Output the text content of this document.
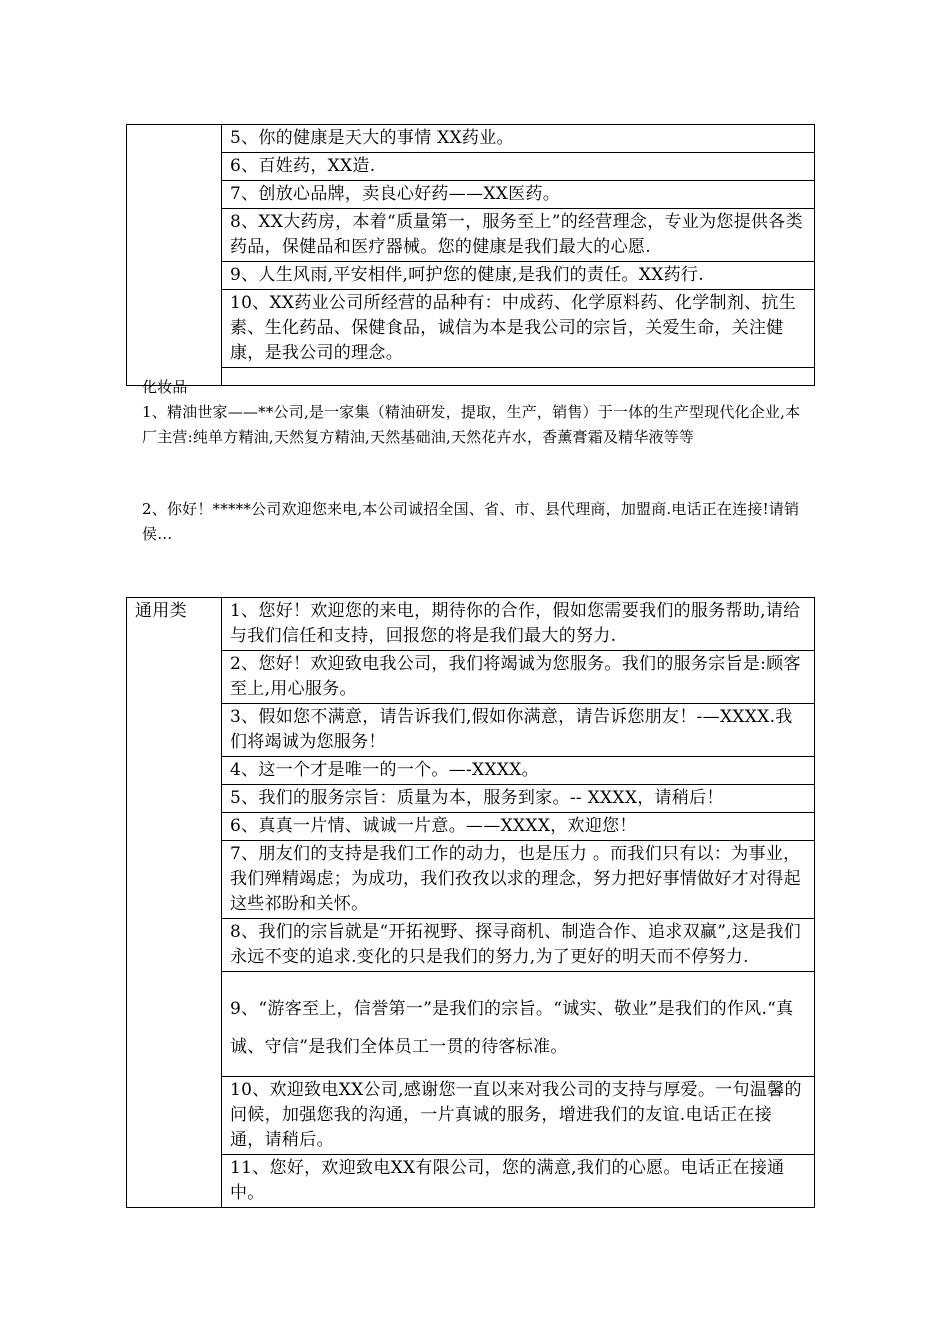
	5、你的健康是天大的事情 XX药业。
6、百姓药，XX造.
7、创放心品牌，卖良心好药——XX医药。
8、XX大药房，本着“质量第一，服务至上”的经营理念，专业为您提供各类药品，保健品和医疗器械。您的健康是我们最大的心愿.
9、人生风雨,平安相伴,呵护您的健康,是我们的责任。XX药行.
10、XX药业公司所经营的品种有：中成药、化学原料药、化学制剂、抗生素、生化药品、保健食品，诚信为本是我公司的宗旨，关爱生命，关注健康，是我公司的理念。

化妆品
1、精油世家——**公司,是一家集（精油研发，提取，生产，销售）于一体的生产型现代化企业,本厂主营:纯单方精油,天然复方精油,天然基础油,天然花卉水，香薰膏霜及精华液等等
2、你好！*****公司欢迎您来电,本公司诚招全国、省、市、县代理商，加盟商.电话正在连接!请销侯…
通用类	1、您好！欢迎您的来电，期待你的合作，假如您需要我们的服务帮助,请给与我们信任和支持，回报您的将是我们最大的努力.
2、您好！欢迎致电我公司，我们将竭诚为您服务。我们的服务宗旨是:顾客至上,用心服务。
3、假如您不满意，请告诉我们,假如你满意，请告诉您朋友！-—XXXX.我们将竭诚为您服务！
4、这一个才是唯一的一个。—-XXXX。
5、我们的服务宗旨：质量为本，服务到家。-- XXXX，请稍后！
6、真真一片情、诚诚一片意。——XXXX，欢迎您！
7、朋友们的支持是我们工作的动力，也是压力 。而我们只有以：为事业，我们殚精竭虑；为成功，我们孜孜以求的理念，努力把好事情做好才对得起这些祁盼和关怀。
8、我们的宗旨就是“开拓视野、探寻商机、制造合作、追求双赢”,这是我们永远不变的追求.变化的只是我们的努力,为了更好的明天而不停努力.
9、“游客至上，信誉第一”是我们的宗旨。“诚实、敬业”是我们的作风.“真诚、守信”是我们全体员工一贯的待客标准。
10、欢迎致电XX公司,感谢您一直以来对我公司的支持与厚爱。一句温馨的问候，加强您我的沟通，一片真诚的服务，增进我们的友谊.电话正在接通，请稍后。
11、您好，欢迎致电XX有限公司，您的满意,我们的心愿。电话正在接通中。
